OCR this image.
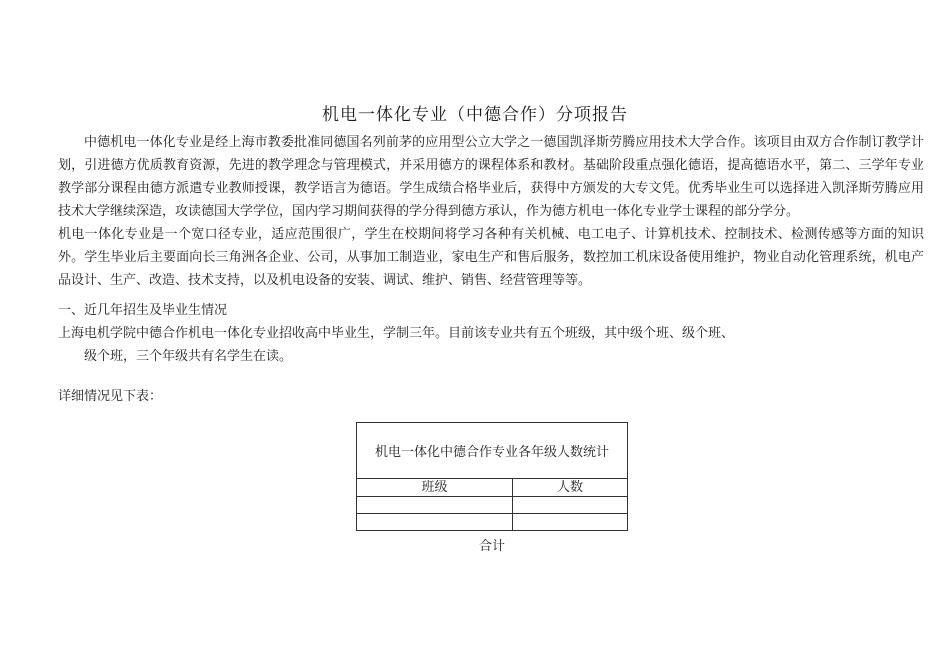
机电一体化专业（中德合作）分项报告

中德机电一体化专业是经上海市教委批准同德国名列前茅的应用型公立大学之一德国凯泽斯劳腾应用技术大学合作。该项目由双方合作制订教学计划，引进德方优质教育资源，先进的教学理念与管理模式，并采用德方的课程体系和教材。基础阶段重点强化德语，提高德语水平，第二、三学年专业教学部分课程由德方派遣专业教师授课，教学语言为德语。学生成绩合格毕业后，获得中方颁发的大专文凭。优秀毕业生可以选择进入凯泽斯劳腾应用技术大学继续深造，攻读德国大学学位，国内学习期间获得的学分得到德方承认，作为德方机电一体化专业学士课程的部分学分。

机电一体化专业是一个宽口径专业，适应范围很广，学生在校期间将学习各种有关机械、电工电子、计算机技术、控制技术、检测传感等方面的知识外。学生毕业后主要面向长三角洲各企业、公司，从事加工制造业，家电生产和售后服务，数控加工机床设备使用维护，物业自动化管理系统，机电产品设计、生产、改造、技术支持，以及机电设备的安装、调试、维护、销售、经营管理等等。

一、近几年招生及毕业生情况

上海电机学院中德合作机电一体化专业招收高中毕业生，学制三年。目前该专业共有五个班级，其中级个班、级个班、

级个班，三个年级共有名学生在读。

详细情况见下表：

机电一体化中德合作专业各年级人数统计	
班级	人数

合计
